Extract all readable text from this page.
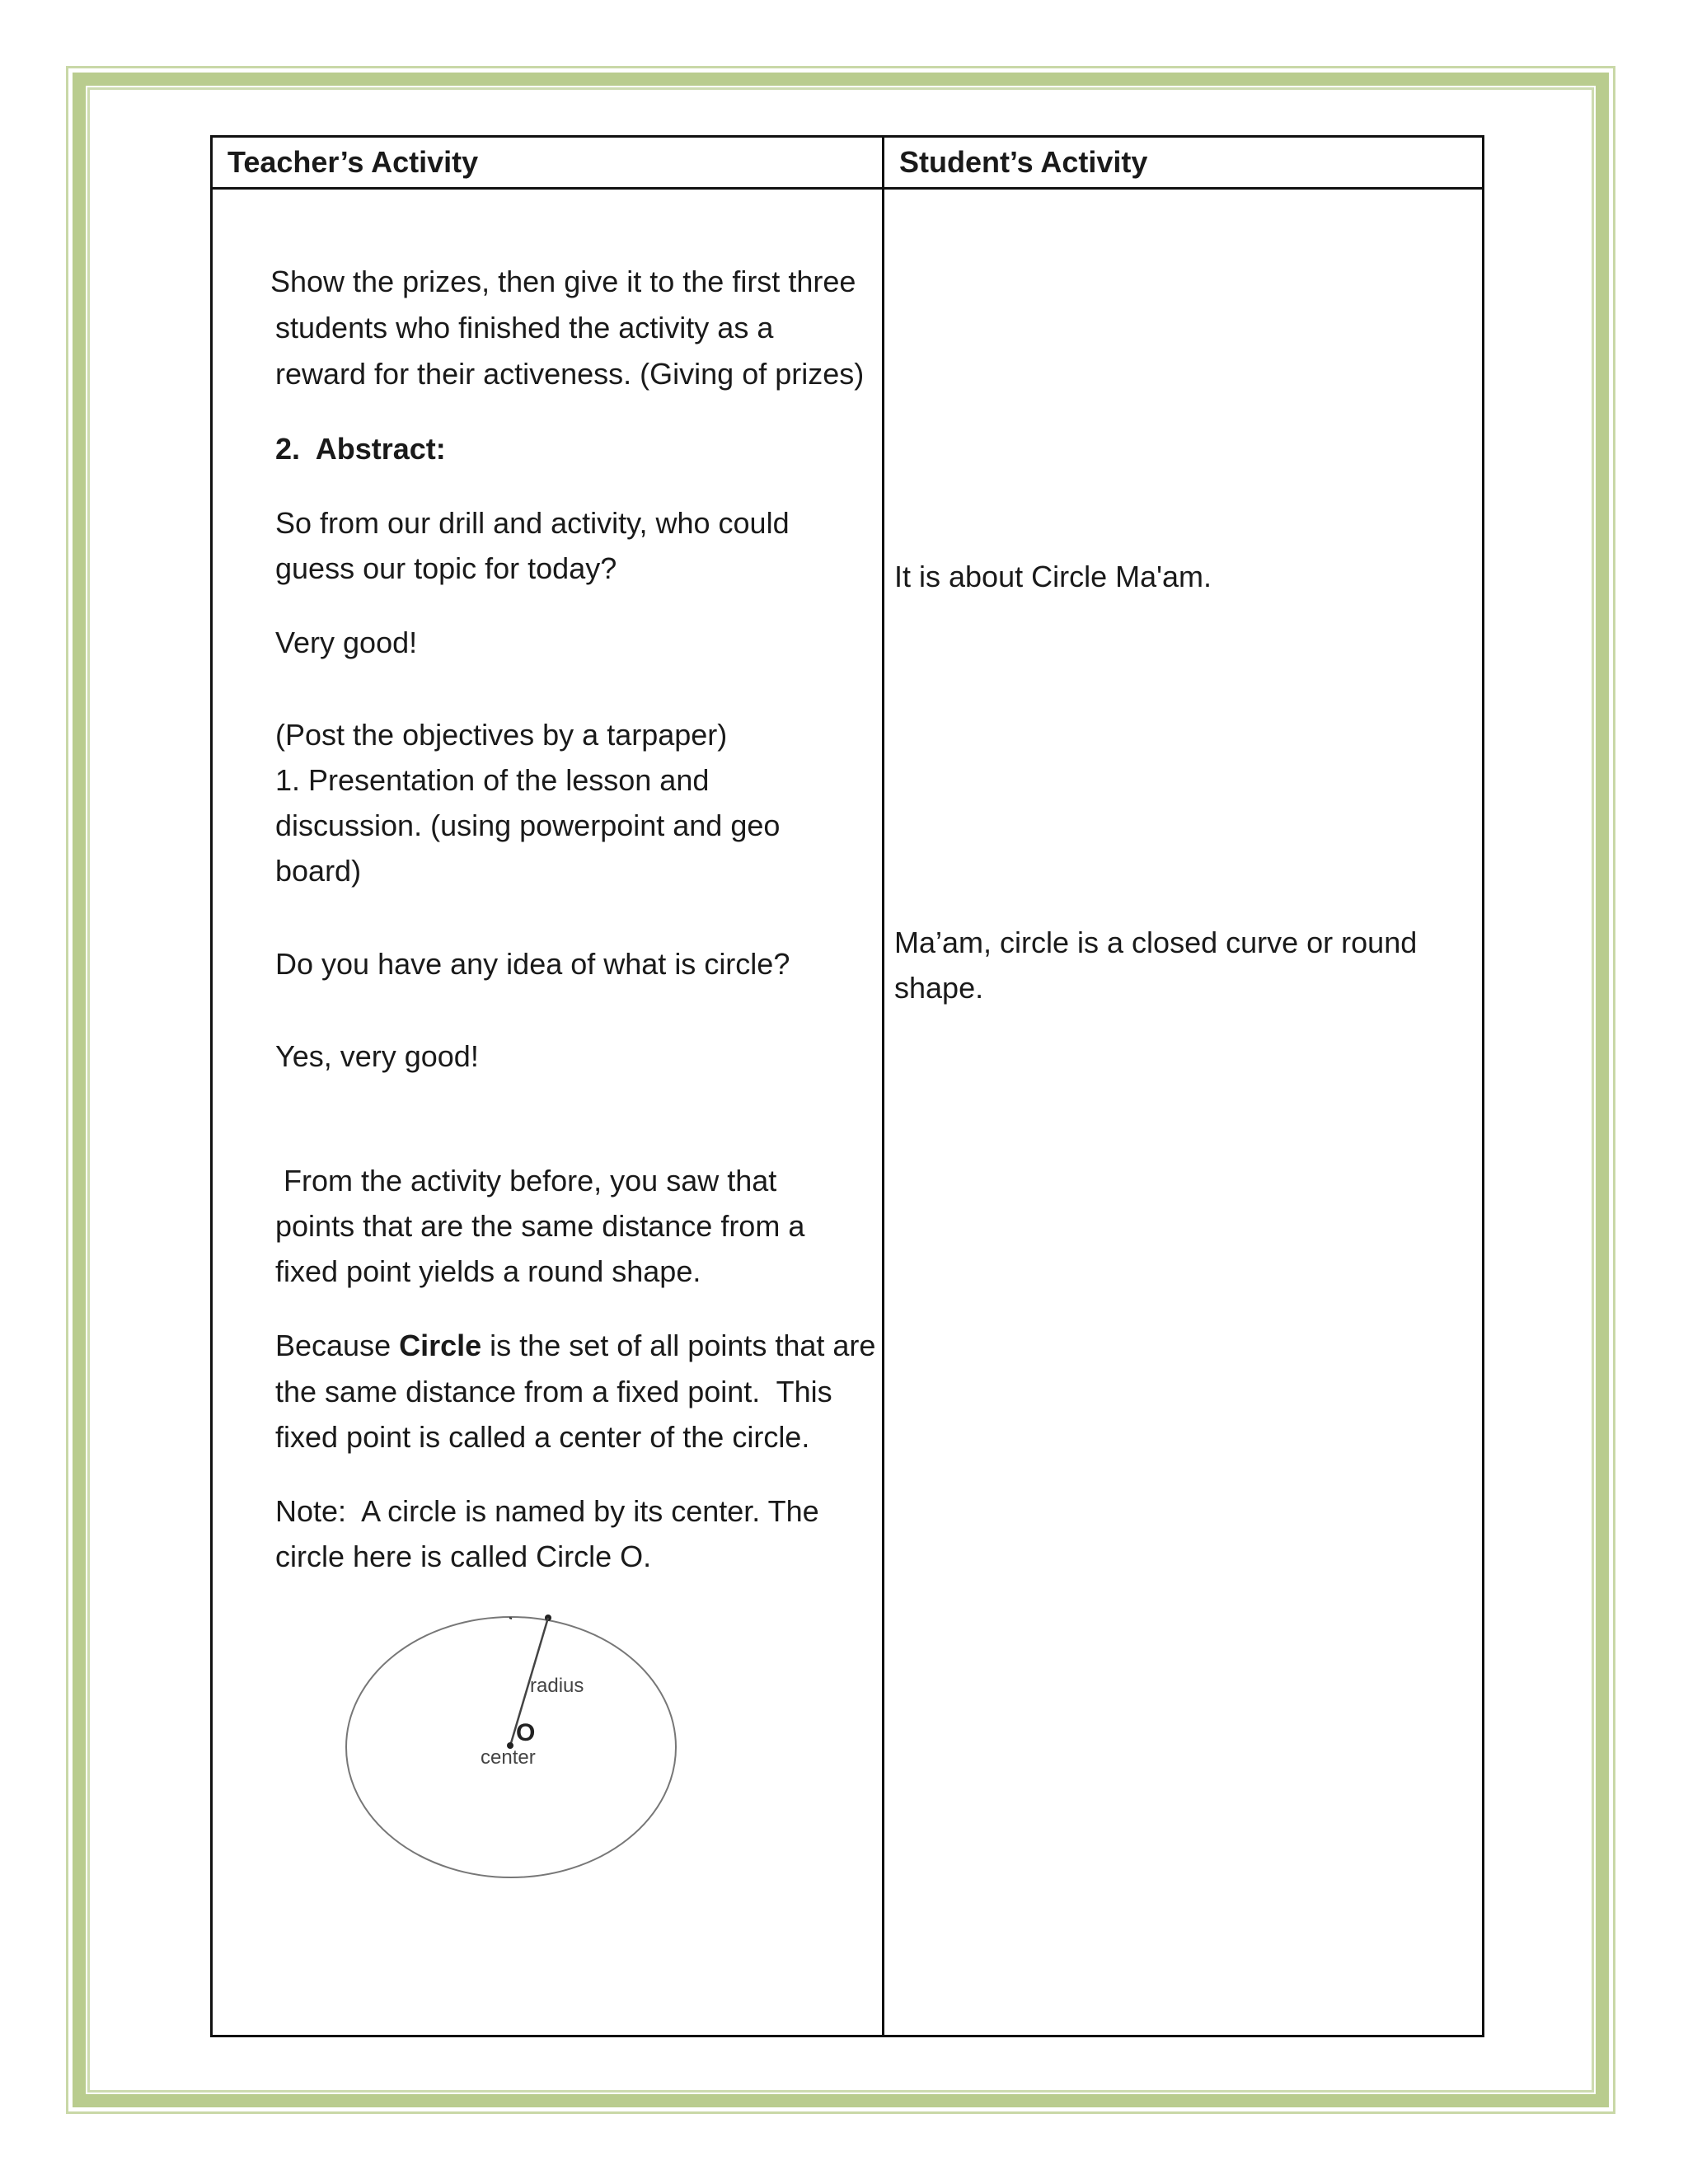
Teacher’s Activity	Student’s Activity
Show the prizes, then give it to the first three
students who finished the activity as a
reward for their activeness. (Giving of prizes)
2. Abstract:
So from our drill and activity, who could
guess our topic for today?
Very good!
(Post the objectives by a tarpaper)
1. Presentation of the lesson and
discussion. (using powerpoint and geo
board)
Do you have any idea of what is circle?
Yes, very good!
From the activity before, you saw that
points that are the same distance from a
fixed point yields a round shape.
Because Circle is the set of all points that are
the same distance from a fixed point.  This
fixed point is called a center of the circle.
Note:  A circle is named by its center. The
circle here is called Circle O.
radius
O
center
It is about Circle Ma'am.
Ma’am, circle is a closed curve or round
shape.
